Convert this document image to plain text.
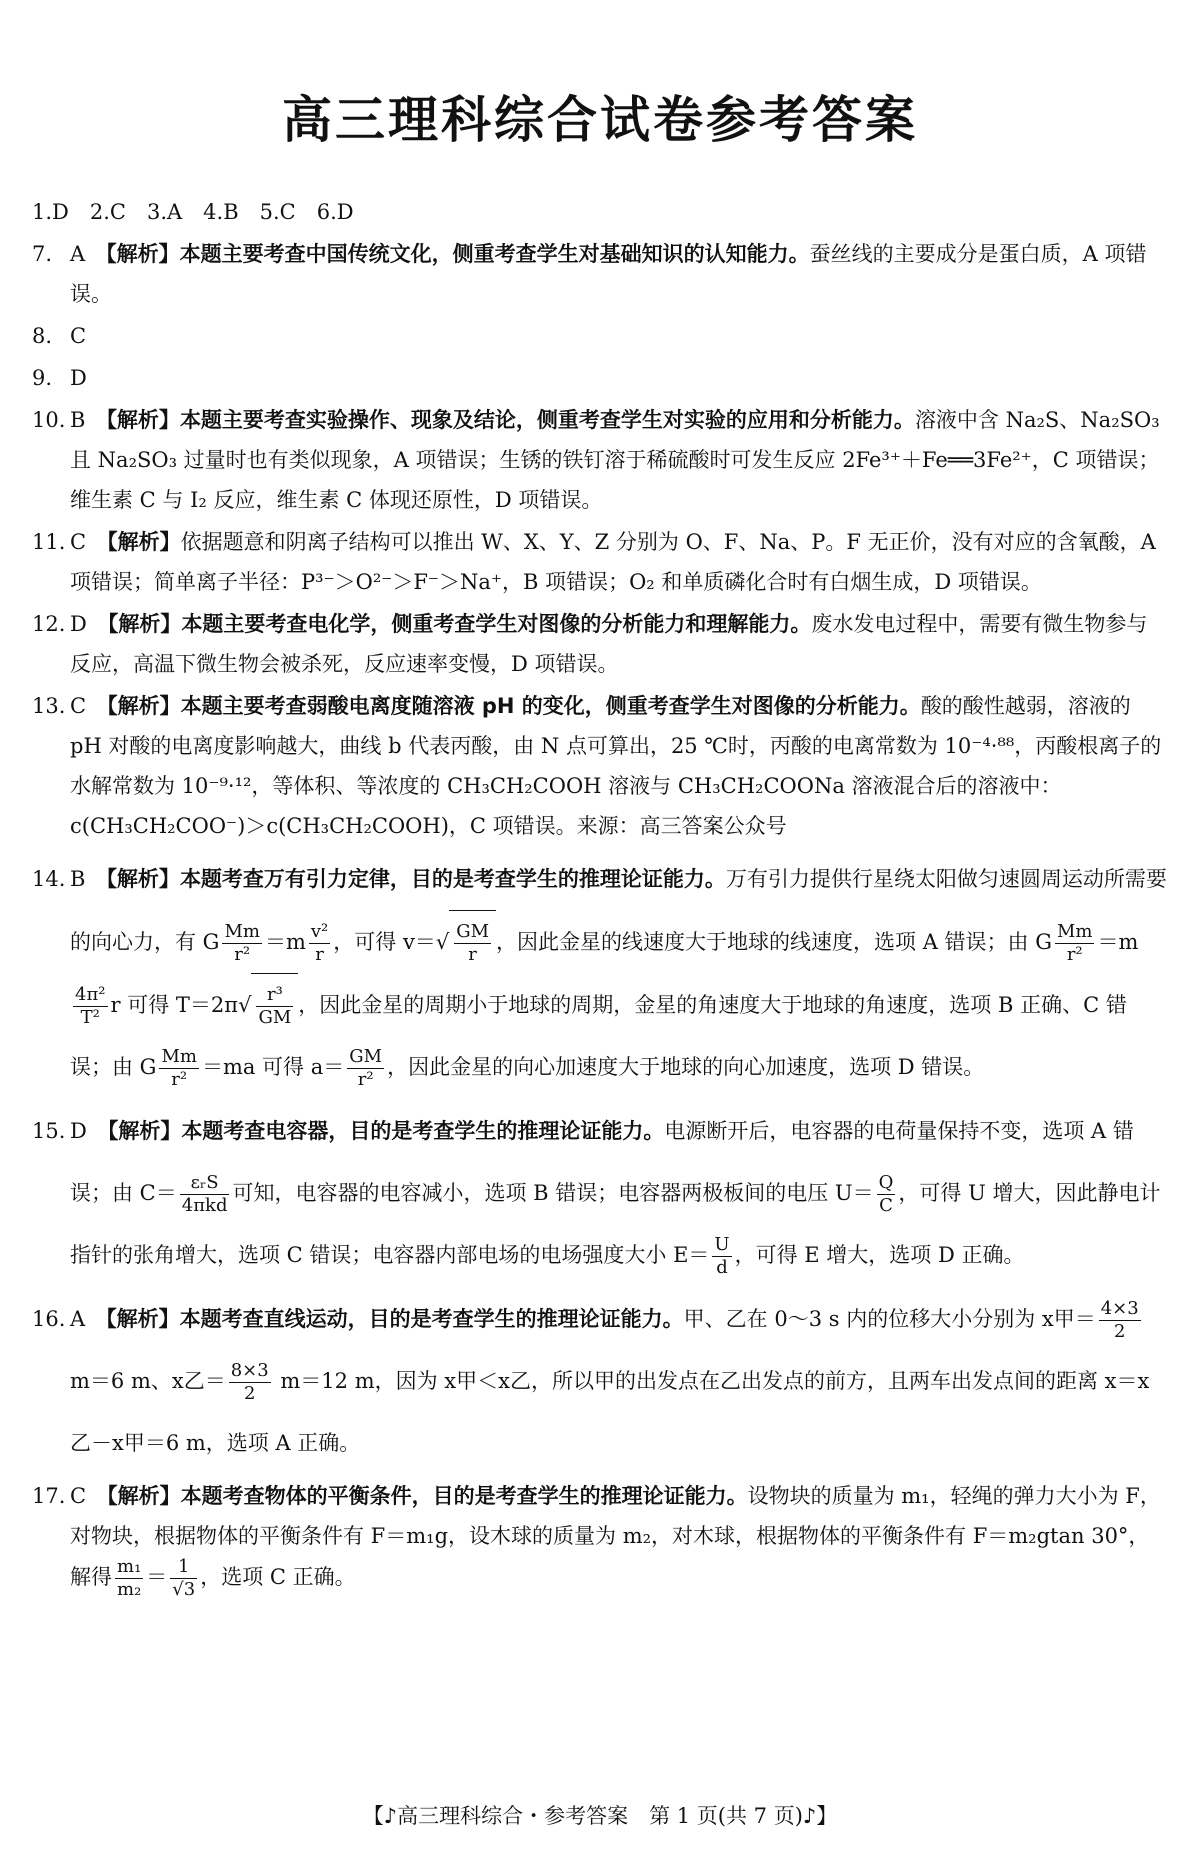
高三理科综合试卷参考答案

1.D　2.C　3.A　4.B　5.C　6.D

7. A　 【解析】本题主要考查中国传统文化，侧重考查学生对基础知识的认知能力。蚕丝线的主要成分是蛋白质，A 项错误。

8. C

9. D

10. B　 【解析】本题主要考查实验操作、现象及结论，侧重考查学生对实验的应用和分析能力。溶液中含 Na₂S、Na₂SO₃ 且 Na₂SO₃ 过量时也有类似现象，A 项错误；生锈的铁钉溶于稀硫酸时可发生反应 2Fe³⁺＋Fe══3Fe²⁺，C 项错误；维生素 C 与 I₂ 反应，维生素 C 体现还原性，D 项错误。

11. C　 【解析】依据题意和阴离子结构可以推出 W、X、Y、Z 分别为 O、F、Na、P。F 无正价，没有对应的含氧酸，A 项错误；简单离子半径：P³⁻＞O²⁻＞F⁻＞Na⁺，B 项错误；O₂ 和单质磷化合时有白烟生成，D 项错误。

12. D　 【解析】本题主要考查电化学，侧重考查学生对图像的分析能力和理解能力。废水发电过程中，需要有微生物参与反应，高温下微生物会被杀死，反应速率变慢，D 项错误。

13. C　 【解析】本题主要考查弱酸电离度随溶液 pH 的变化，侧重考查学生对图像的分析能力。酸的酸性越弱，溶液的 pH 对酸的电离度影响越大，曲线 b 代表丙酸，由 N 点可算出，25 ℃时，丙酸的电离常数为 10⁻⁴·⁸⁸，丙酸根离子的水解常数为 10⁻⁹·¹²，等体积、等浓度的 CH₃CH₂COOH 溶液与 CH₃CH₂COONa 溶液混合后的溶液中：c(CH₃CH₂COO⁻)＞c(CH₃CH₂COOH)，C 项错误。来源：高三答案公众号

14. B　 【解析】本题考查万有引力定律，目的是考查学生的推理论证能力。万有引力提供行星绕太阳做匀速圆周运动所需要的向心力，有 G $\frac{Mm}{\text{r²}} =m \frac{\text{v²}}{r}$ ，可得 $v=√ \frac{GM}{r}$ ，因此金星的线速度大于地球的线速度，选项 A 错误；由 G $\frac{Mm}{\text{r²}} =m$
$\frac{\text{4π²}}{\text{T²}}$ r 可得 $T=2\pi√ \frac{\text{r³}}{GM}$ ，因此金星的周期小于地球的周期，金星的角速度大于地球的角速度，选项 B 正确、C 错误；由 G $\frac{Mm}{\text{r²}} =ma$ 可得 $a= \frac{GM}{\text{r²}}$ ，因此金星的向心加速度大于地球的向心加速度，选项 D 错误。

15. D　 【解析】本题考查电容器，目的是考查学生的推理论证能力。电源断开后，电容器的电荷量保持不变，选项 A 错误；由 $C= \frac{\text{εᵣS}}{\text{4πkd}}$ 可知，电容器的电容减小，选项 B 错误；电容器两极板间的电压 $U= \frac{Q}{C}$ ，可得 U 增大，因此静电计指针的张角增大，选项 C 错误；电容器内部电场的电场强度大小 $E= \frac{U}{d}$ ，可得 E 增大，选项 D 正确。

16. A　 【解析】本题考查直线运动，目的是考查学生的推理论证能力。甲、乙在 0～3 s 内的位移大小分别为 x甲＝ $\frac{4\times 3}{2}$
m＝6 m、x乙＝ $\frac{8\times 3}{2} m=12$ m，因为 x甲＜x乙，所以甲的出发点在乙出发点的前方，且两车出发点间的距离 x＝x乙－x甲＝6 m，选项 A 正确。

17. C　 【解析】本题考查物体的平衡条件，目的是考查学生的推理论证能力。设物块的质量为 m₁，轻绳的弹力大小为 F，对物块，根据物体的平衡条件有 F＝m₁g，设木球的质量为 m₂，对木球，根据物体的平衡条件有 F＝m₂gtan 30°，解得 $\frac{\text{m₁}}{\text{m₂}} = \frac{1}{√3}$ ，选项 C 正确。

【♪高三理科综合・参考答案　第 1 页(共 7 页)♪】
